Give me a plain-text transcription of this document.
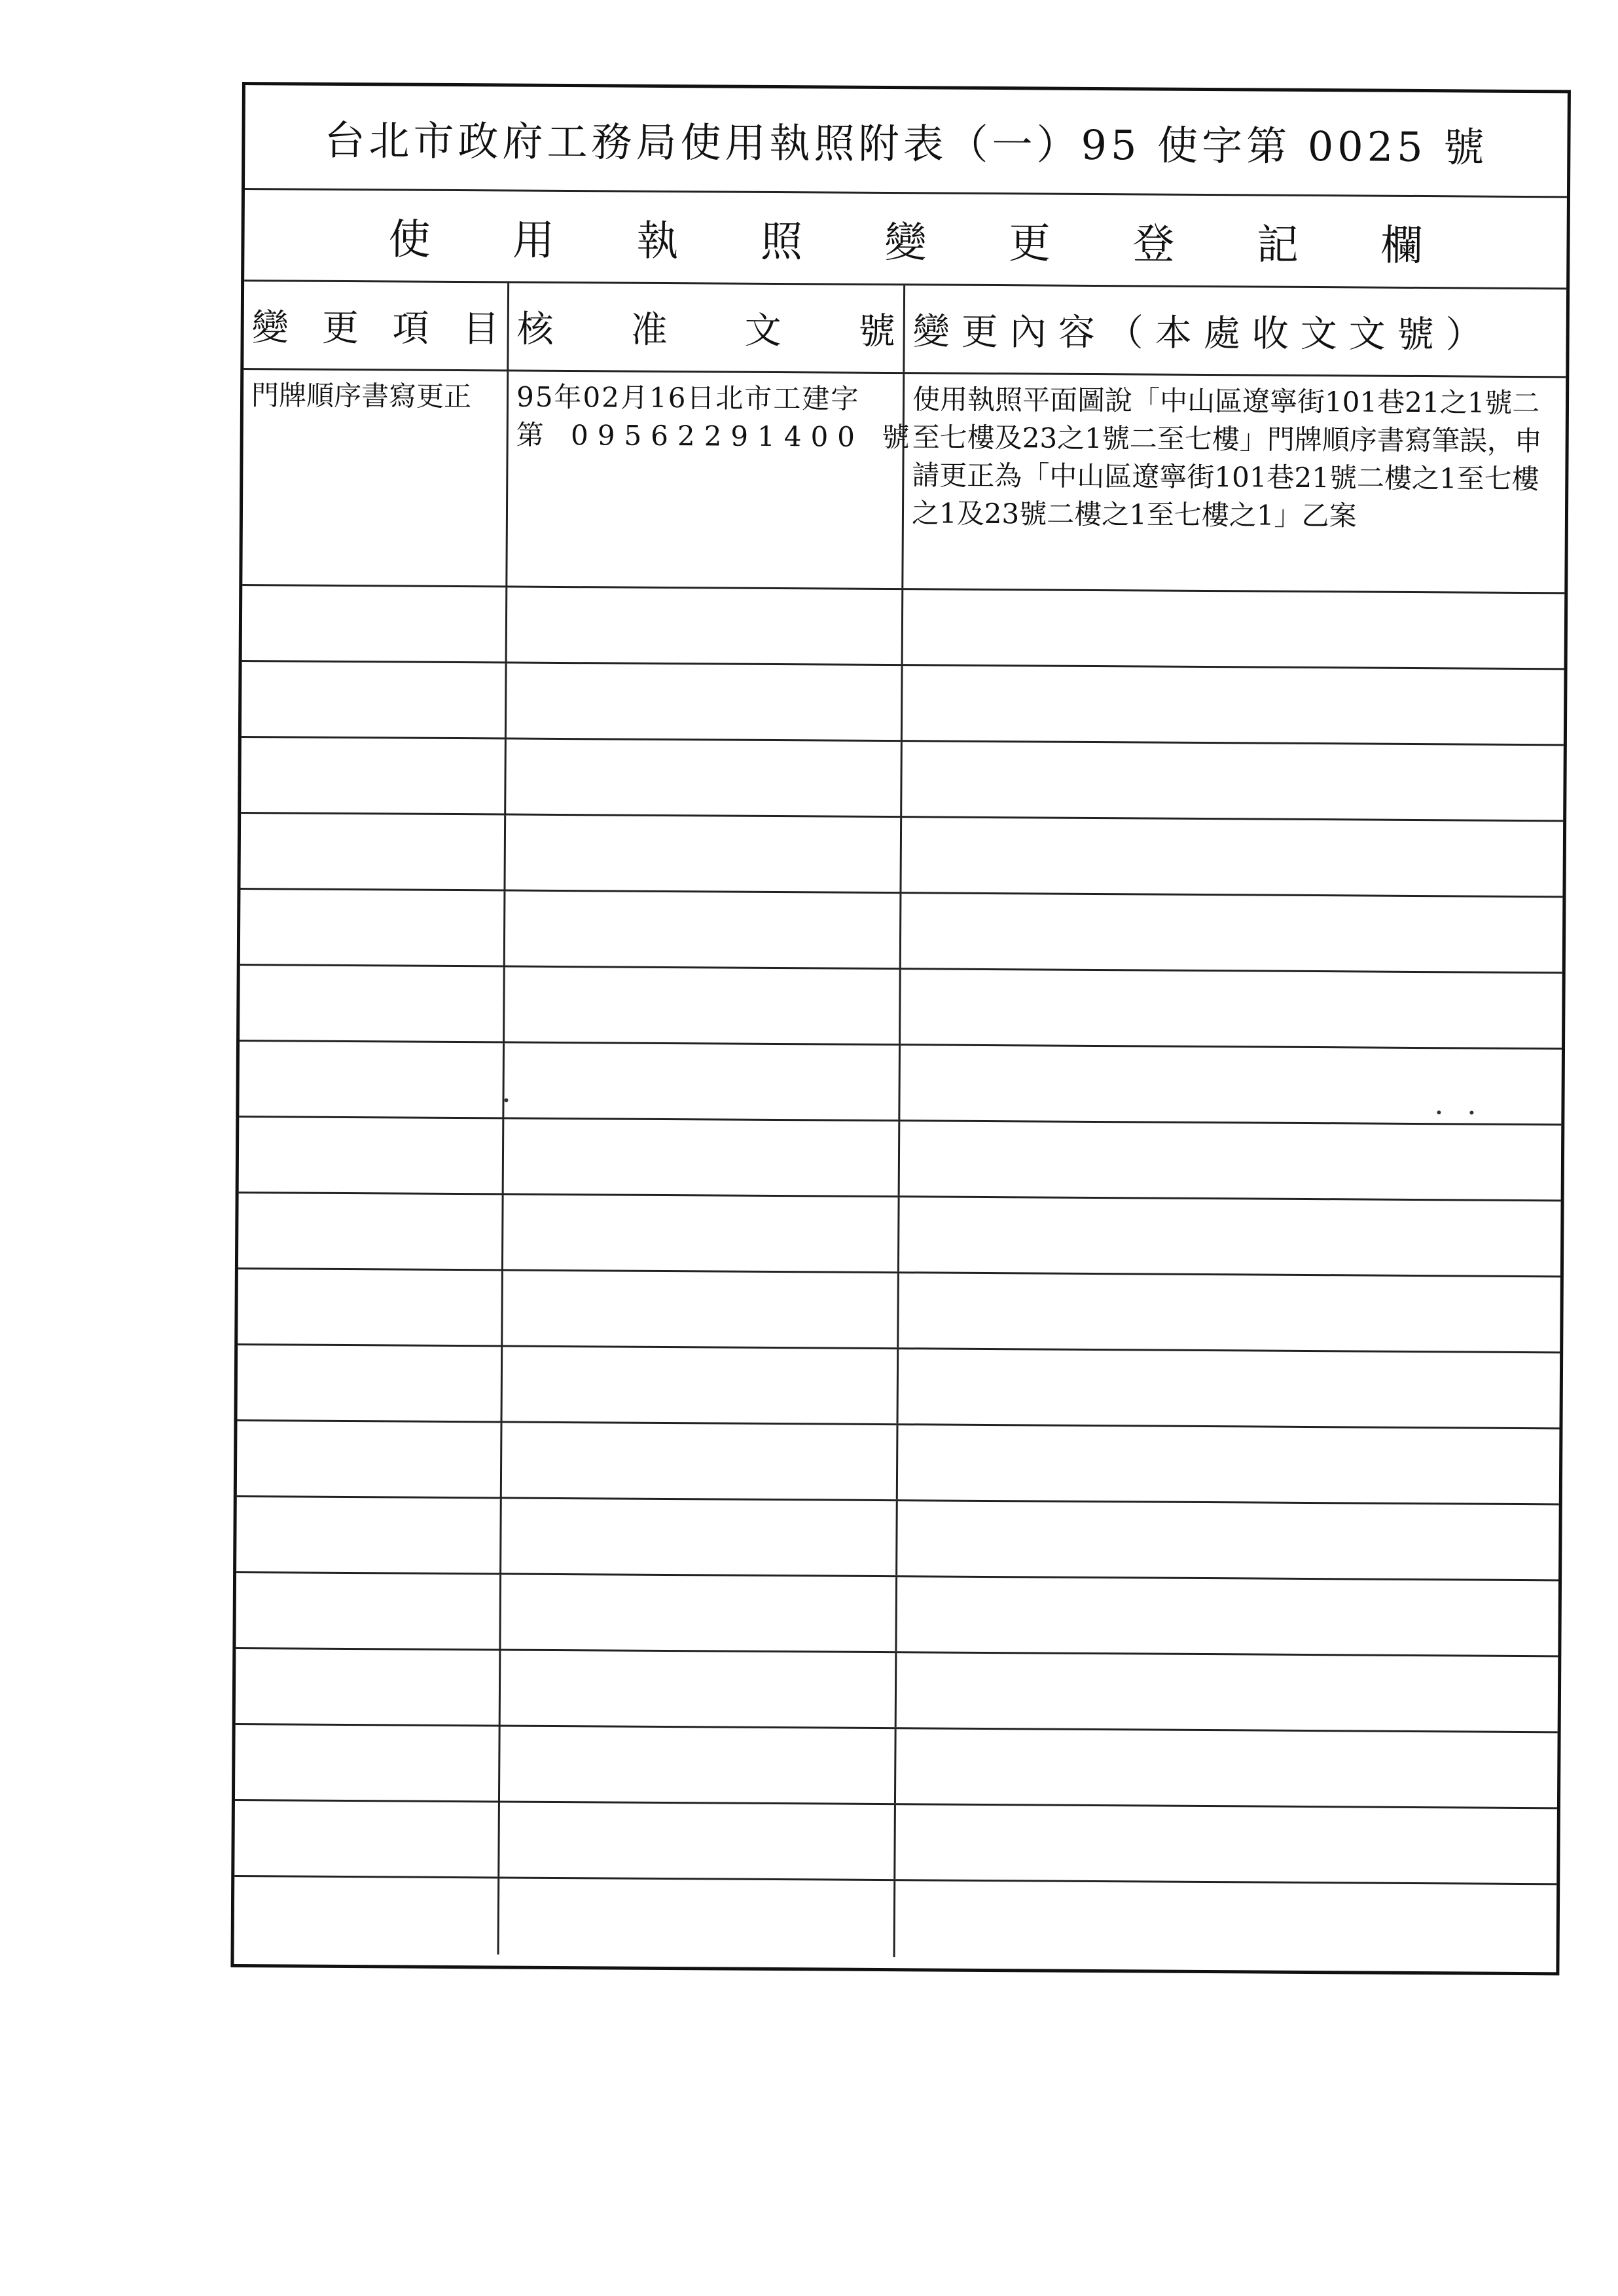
台北市政府工務局使用執照附表（一）95 使字第 0025 號
使 用 執 照 變 更 登 記 欄
變 更 項 目 核 准 文 號 變更內容（本處收文文號）
門牌順序書寫更正	95年02月16日北市工建字
第 09562291400 號
使用執照平面圖說「中山區遼寧街101巷21之1號二至七樓及23之1號二至七樓」門牌順序書寫筆誤，申請更正為「中山區遼寧街101巷21號二樓之1至七樓之1及23號二樓之1至七樓之1」乙案
